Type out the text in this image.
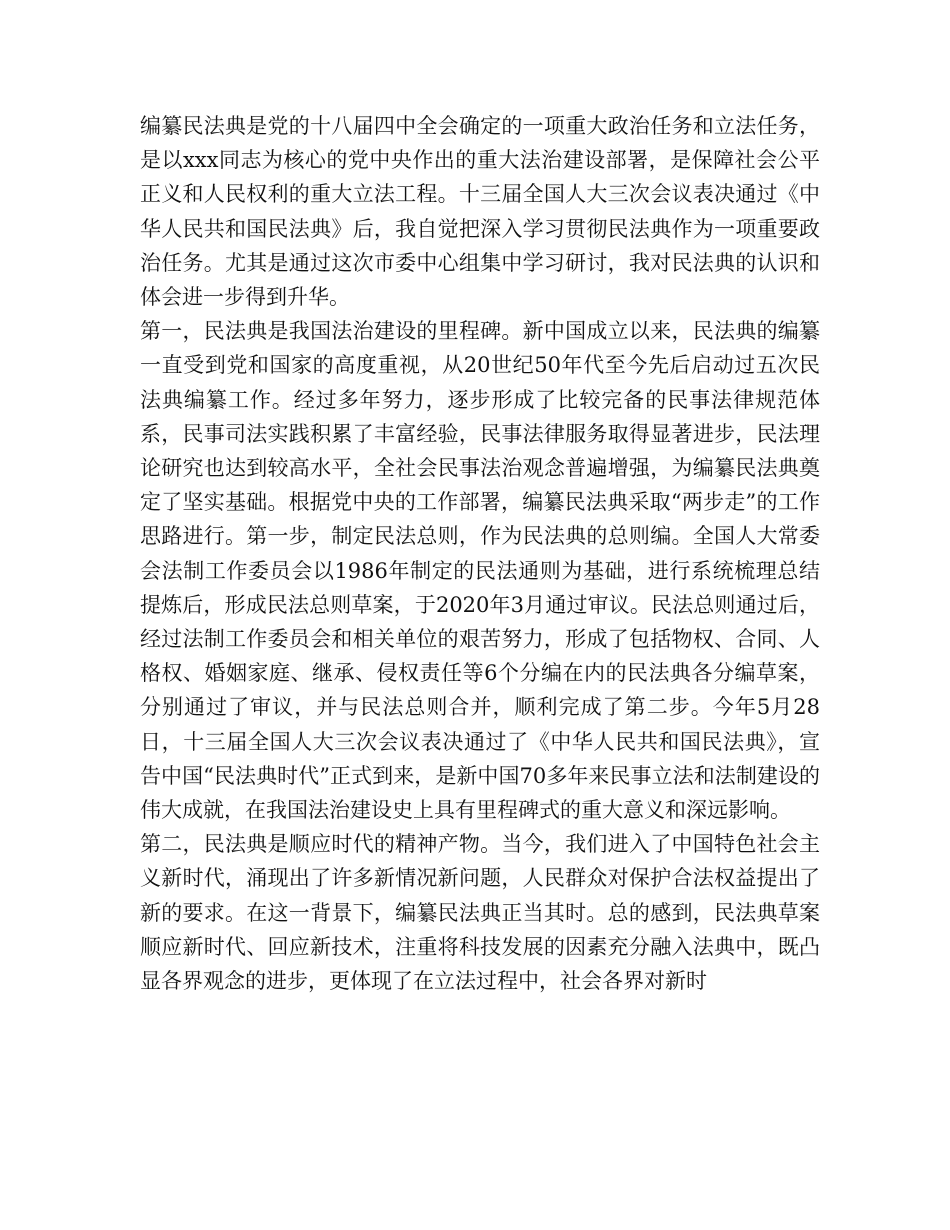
编纂民法典是党的十八届四中全会确定的一项重大政治任务和立法任务，是以xxx同志为核心的党中央作出的重大法治建设部署，是保障社会公平正义和人民权利的重大立法工程。十三届全国人大三次会议表决通过《中华人民共和国民法典》后，我自觉把深入学习贯彻民法典作为一项重要政治任务。尤其是通过这次市委中心组集中学习研讨，我对民法典的认识和体会进一步得到升华。

第一，民法典是我国法治建设的里程碑。新中国成立以来，民法典的编纂一直受到党和国家的高度重视，从20世纪50年代至今先后启动过五次民法典编纂工作。经过多年努力，逐步形成了比较完备的民事法律规范体系，民事司法实践积累了丰富经验，民事法律服务取得显著进步，民法理论研究也达到较高水平，全社会民事法治观念普遍增强，为编纂民法典奠定了坚实基础。根据党中央的工作部署，编纂民法典采取“两步走”的工作思路进行。第一步，制定民法总则，作为民法典的总则编。全国人大常委会法制工作委员会以1986年制定的民法通则为基础，进行系统梳理总结提炼后，形成民法总则草案，于2020年3月通过审议。民法总则通过后，经过法制工作委员会和相关单位的艰苦努力，形成了包括物权、合同、人格权、婚姻家庭、继承、侵权责任等6个分编在内的民法典各分编草案，分别通过了审议，并与民法总则合并，顺利完成了第二步。今年5月28日，十三届全国人大三次会议表决通过了《中华人民共和国民法典》，宣告中国“民法典时代”正式到来，是新中国70多年来民事立法和法制建设的伟大成就，在我国法治建设史上具有里程碑式的重大意义和深远影响。

第二，民法典是顺应时代的精神产物。当今，我们进入了中国特色社会主义新时代，涌现出了许多新情况新问题，人民群众对保护合法权益提出了新的要求。在这一背景下，编纂民法典正当其时。总的感到，民法典草案顺应新时代、回应新技术，注重将科技发展的因素充分融入法典中，既凸显各界观念的进步，更体现了在立法过程中，社会各界对新时
